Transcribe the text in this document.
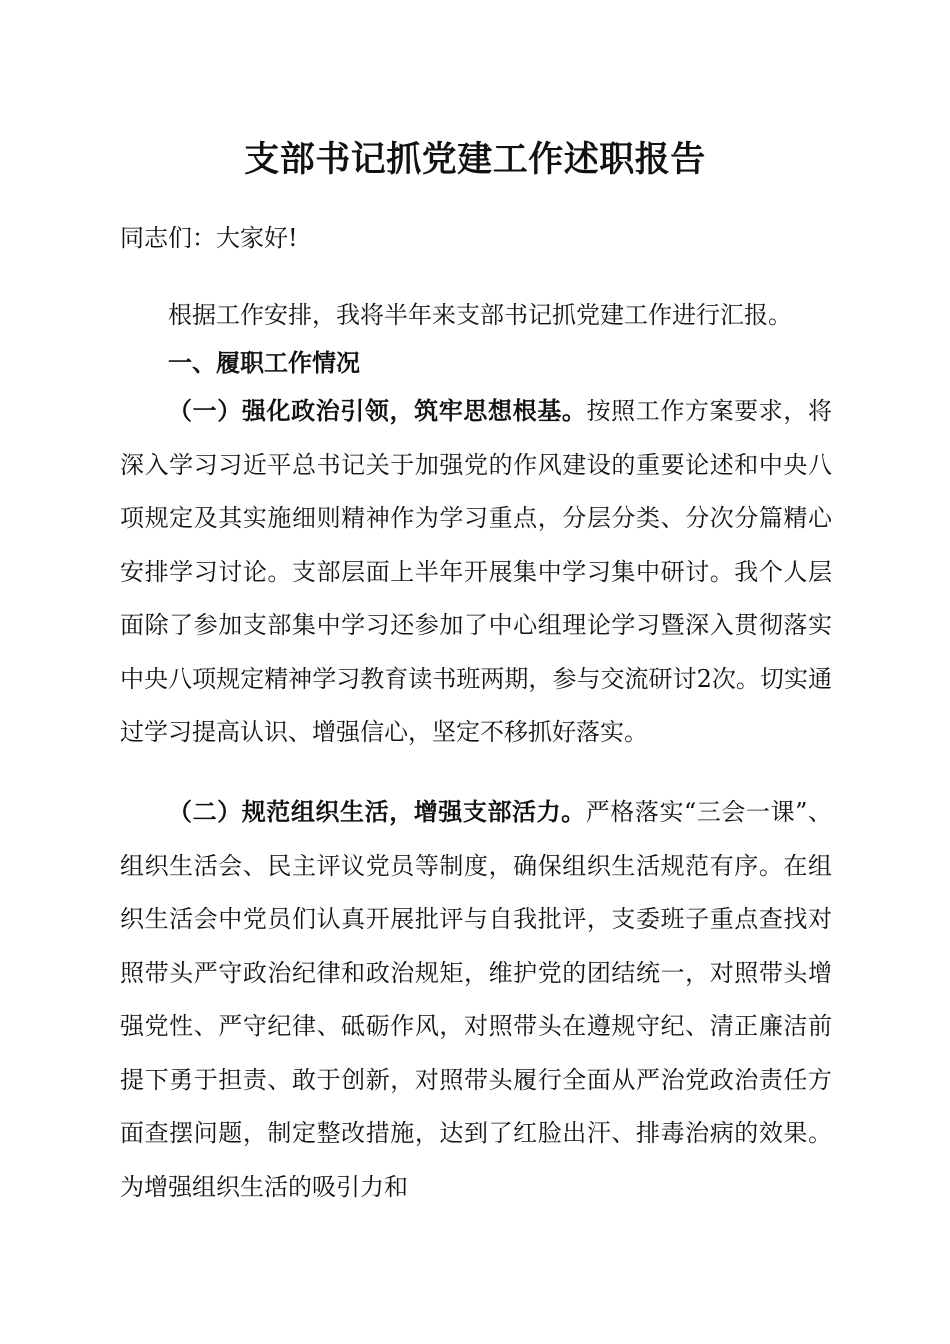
支部书记抓党建工作述职报告
同志们：大家好!

根据工作安排，我将半年来支部书记抓党建工作进行汇报。

一、履职工作情况

（一）强化政治引领，筑牢思想根基。按照工作方案要求，将深入学习习近平总书记关于加强党的作风建设的重要论述和中央八项规定及其实施细则精神作为学习重点，分层分类、分次分篇精心安排学习讨论。支部层面上半年开展集中学习集中研讨。我个人层面除了参加支部集中学习还参加了中心组理论学习暨深入贯彻落实中央八项规定精神学习教育读书班两期，参与交流研讨2次。切实通过学习提高认识、增强信心，坚定不移抓好落实。

（二）规范组织生活，增强支部活力。严格落实“三会一课”、组织生活会、民主评议党员等制度，确保组织生活规范有序。在组织生活会中党员们认真开展批评与自我批评，支委班子重点查找对照带头严守政治纪律和政治规矩，维护党的团结统一，对照带头增强党性、严守纪律、砥砺作风，对照带头在遵规守纪、清正廉洁前提下勇于担责、敢于创新，对照带头履行全面从严治党政治责任方面查摆问题，制定整改措施，达到了红脸出汗、排毒治病的效果。为增强组织生活的吸引力和
